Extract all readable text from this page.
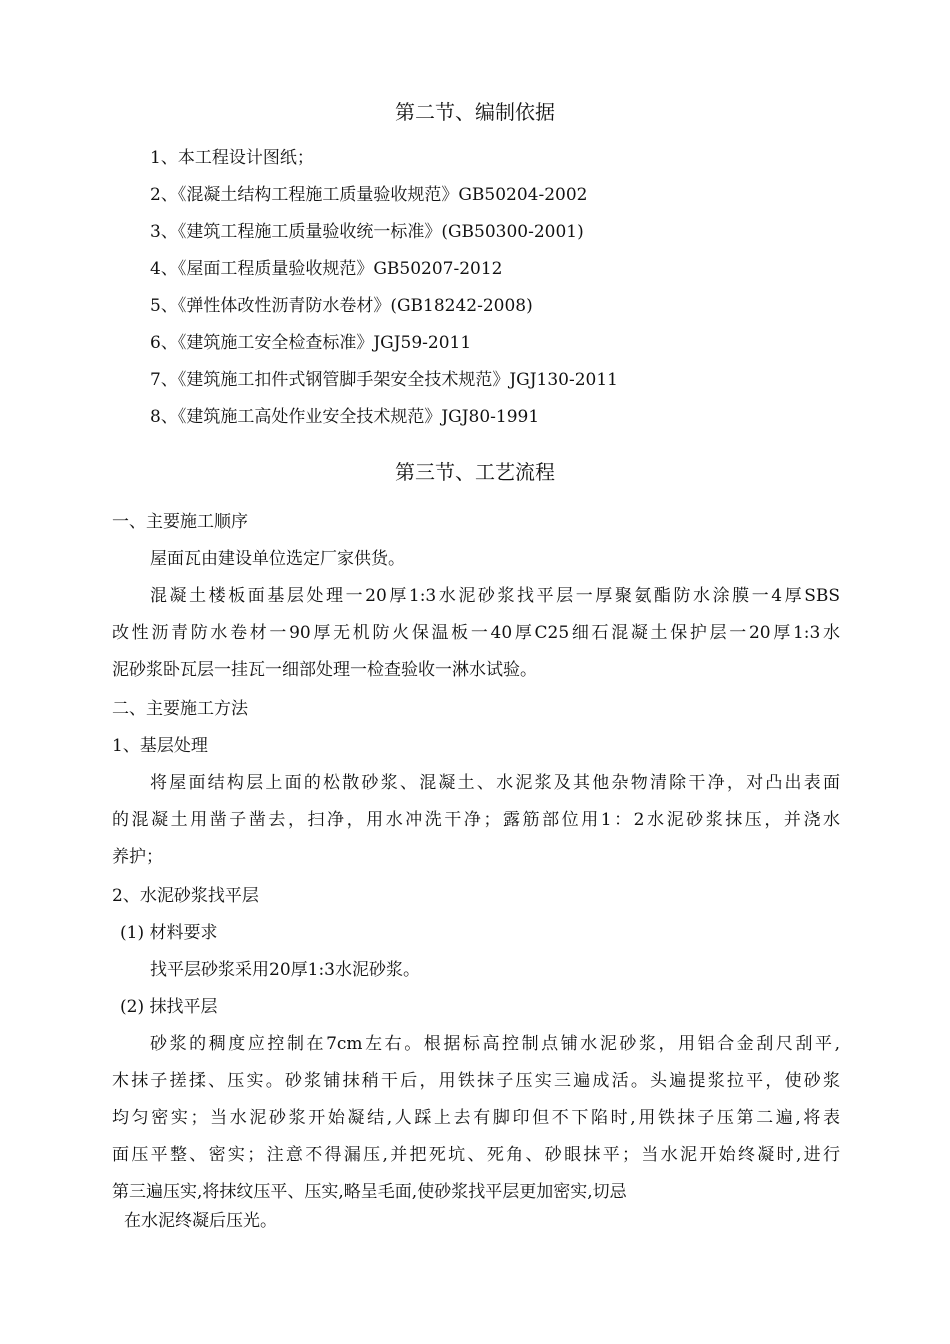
第二节、编制依据
1、本工程设计图纸；
2、《混凝土结构工程施工质量验收规范》GB50204-2002
3、《建筑工程施工质量验收统一标准》(GB50300-2001)
4、《屋面工程质量验收规范》GB50207-2012
5、《弹性体改性沥青防水卷材》(GB18242-2008)
6、《建筑施工安全检查标准》JGJ59-2011
7、《建筑施工扣件式钢管脚手架安全技术规范》JGJ130-2011
8、《建筑施工高处作业安全技术规范》JGJ80-1991
第三节、工艺流程
一、主要施工顺序
屋面瓦由建设单位选定厂家供货。
混凝土楼板面基层处理一20厚1:3水泥砂浆找平层一厚聚氨酯防水涂膜一4厚SBS
改性沥青防水卷材一90厚无机防火保温板一40厚C25细石混凝土保护层一20厚1:3水
泥砂浆卧瓦层一挂瓦一细部处理一检查验收一淋水试验。
二、主要施工方法
1、基层处理
将屋面结构层上面的松散砂浆、混凝土、水泥浆及其他杂物清除干净，对凸出表面
的混凝土用凿子凿去，扫净，用水冲洗干净；露筋部位用1：2水泥砂浆抹压，并浇水
养护；
2、水泥砂浆找平层
(1) 材料要求
找平层砂浆采用20厚1:3水泥砂浆。
(2) 抹找平层
砂浆的稠度应控制在7cm左右。根据标高控制点铺水泥砂浆，用铝合金刮尺刮平,
木抹子搓揉、压实。砂浆铺抹稍干后，用铁抹子压实三遍成活。头遍提浆拉平，使砂浆
均匀密实；当水泥砂浆开始凝结,人踩上去有脚印但不下陷时,用铁抹子压第二遍,将表
面压平整、密实；注意不得漏压,并把死坑、死角、砂眼抹平；当水泥开始终凝时,进行
第三遍压实,将抹纹压平、压实,略呈毛面,使砂浆找平层更加密实,切忌
在水泥终凝后压光。
